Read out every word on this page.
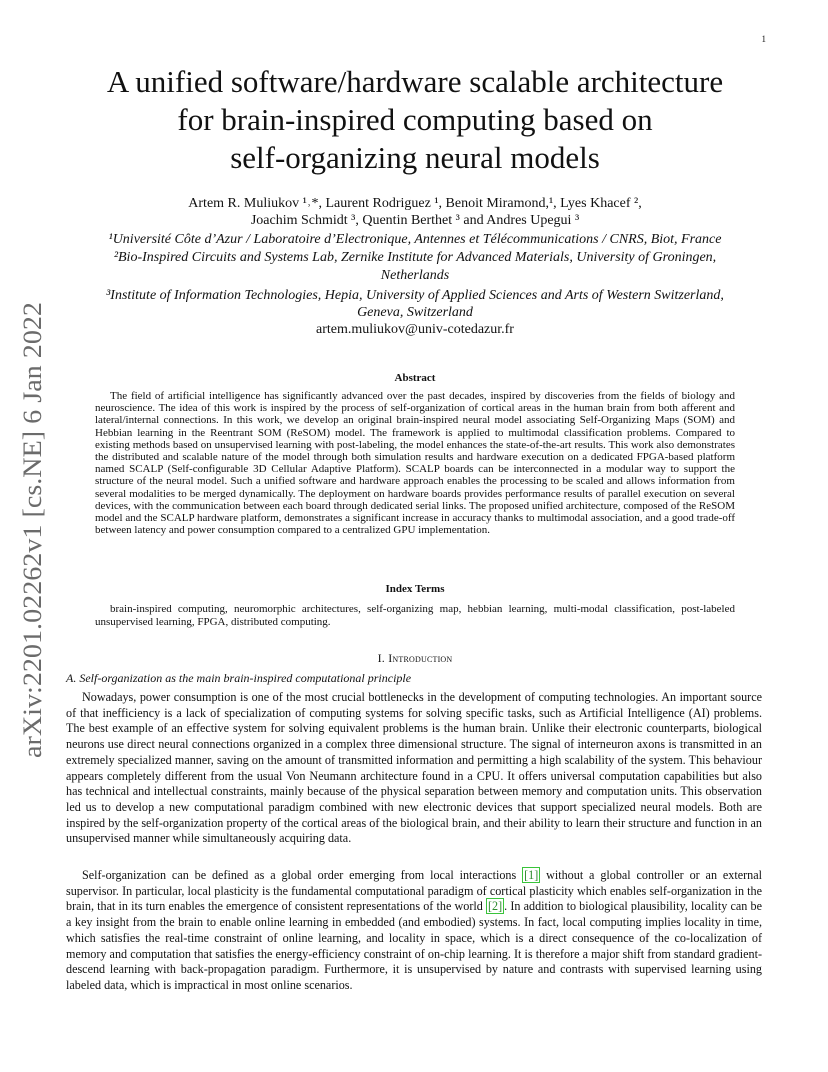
1
arXiv:2201.02262v1 [cs.NE] 6 Jan 2022
A unified software/hardware scalable architecture
for brain-inspired computing based on
self-organizing neural models
Artem R. Muliukov ¹˒*, Laurent Rodriguez ¹, Benoit Miramond,¹, Lyes Khacef ²,
Joachim Schmidt ³, Quentin Berthet ³ and Andres Upegui ³
¹Université Côte d’Azur / Laboratoire d’Electronique, Antennes et Télécommunications / CNRS, Biot, France
²Bio-Inspired Circuits and Systems Lab, Zernike Institute for Advanced Materials, University of Groningen,
Netherlands
³Institute of Information Technologies, Hepia, University of Applied Sciences and Arts of Western Switzerland,
Geneva, Switzerland
artem.muliukov@univ-cotedazur.fr
Abstract
The field of artificial intelligence has significantly advanced over the past decades, inspired by discoveries from the fields of biology and neuroscience. The idea of this work is inspired by the process of self-organization of cortical areas in the human brain from both afferent and lateral/internal connections. In this work, we develop an original brain-inspired neural model associating Self-Organizing Maps (SOM) and Hebbian learning in the Reentrant SOM (ReSOM) model. The framework is applied to multimodal classification problems. Compared to existing methods based on unsupervised learning with post-labeling, the model enhances the state-of-the-art results. This work also demonstrates the distributed and scalable nature of the model through both simulation results and hardware execution on a dedicated FPGA-based platform named SCALP (Self-configurable 3D Cellular Adaptive Platform). SCALP boards can be interconnected in a modular way to support the structure of the neural model. Such a unified software and hardware approach enables the processing to be scaled and allows information from several modalities to be merged dynamically. The deployment on hardware boards provides performance results of parallel execution on several devices, with the communication between each board through dedicated serial links. The proposed unified architecture, composed of the ReSOM model and the SCALP hardware platform, demonstrates a significant increase in accuracy thanks to multimodal association, and a good trade-off between latency and power consumption compared to a centralized GPU implementation.
Index Terms
brain-inspired computing, neuromorphic architectures, self-organizing map, hebbian learning, multi-modal classification, post-labeled unsupervised learning, FPGA, distributed computing.
I. Introduction
A. Self-organization as the main brain-inspired computational principle
Nowadays, power consumption is one of the most crucial bottlenecks in the development of computing technologies. An important source of that inefficiency is a lack of specialization of computing systems for solving specific tasks, such as Artificial Intelligence (AI) problems. The best example of an effective system for solving equivalent problems is the human brain. Unlike their electronic counterparts, biological neurons use direct neural connections organized in a complex three dimensional structure. The signal of interneuron axons is transmitted in an extremely specialized manner, saving on the amount of transmitted information and permitting a high scalability of the system. This behaviour appears completely different from the usual Von Neumann architecture found in a CPU. It offers universal computation capabilities but also has technical and intellectual constraints, mainly because of the physical separation between memory and computation units. This observation led us to develop a new computational paradigm combined with new electronic devices that support specialized neural models. Both are inspired by the self-organization property of the cortical areas of the biological brain, and their ability to learn their structure and function in an unsupervised manner while simultaneously acquiring data.
Self-organization can be defined as a global order emerging from local interactions [1] without a global controller or an external supervisor. In particular, local plasticity is the fundamental computational paradigm of cortical plasticity which enables self-organization in the brain, that in its turn enables the emergence of consistent representations of the world [2] . In addition to biological plausibility, locality can be a key insight from the brain to enable online learning in embedded (and embodied) systems. In fact, local computing implies locality in time, which satisfies the real-time constraint of online learning, and locality in space, which is a direct consequence of the co-localization of memory and computation that satisfies the energy-efficiency constraint of on-chip learning. It is therefore a major shift from standard gradient-descend learning with back-propagation paradigm. Furthermore, it is unsupervised by nature and contrasts with supervised learning using labeled data, which is impractical in most online scenarios.
